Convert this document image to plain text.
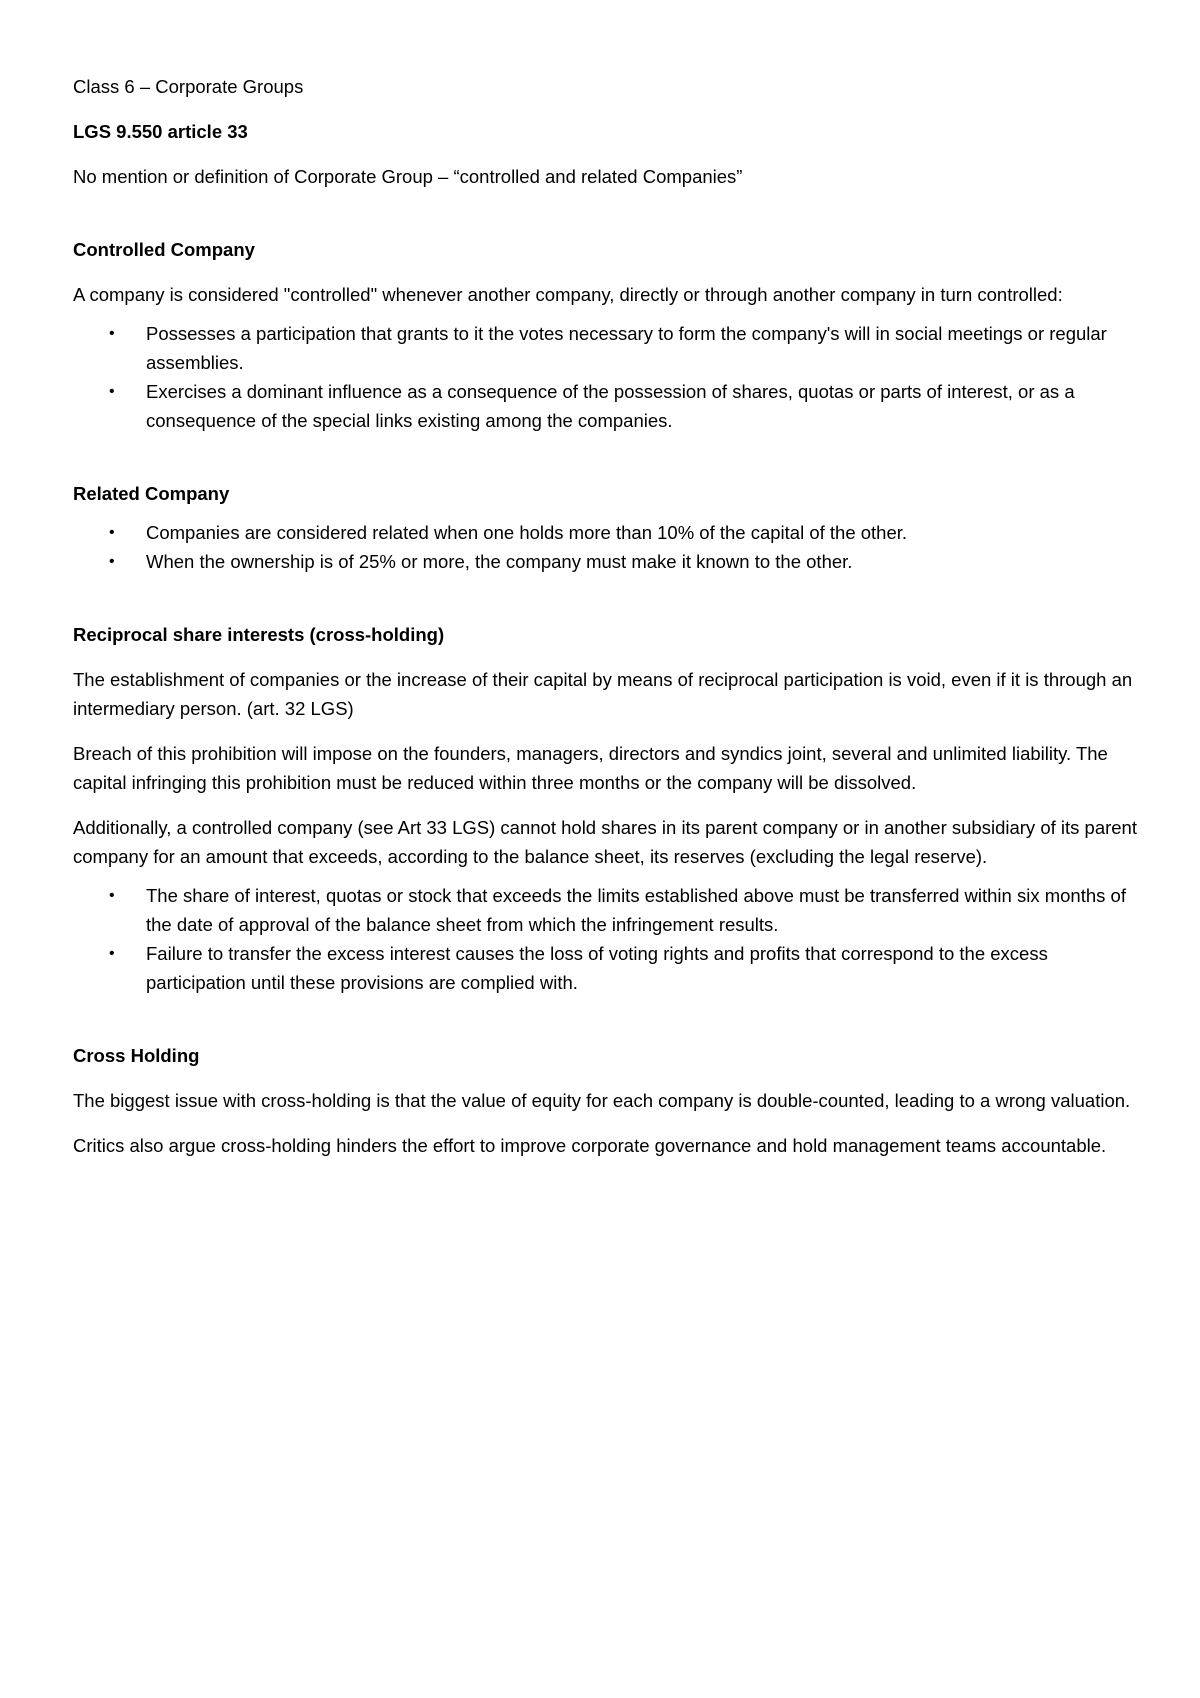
Class 6 – Corporate Groups

LGS 9.550 article 33

No mention or definition of Corporate Group – “controlled and related Companies”

Controlled Company

A company is considered "controlled" whenever another company, directly or through another company in turn controlled:

• Possesses a participation that grants to it the votes necessary to form the company's will in social meetings or regular assemblies.
• Exercises a dominant influence as a consequence of the possession of shares, quotas or parts of interest, or as a consequence of the special links existing among the companies.

Related Company

• Companies are considered related when one holds more than 10% of the capital of the other.
• When the ownership is of 25% or more, the company must make it known to the other.

Reciprocal share interests (cross-holding)

The establishment of companies or the increase of their capital by means of reciprocal participation is void, even if it is through an intermediary person. (art. 32 LGS)

Breach of this prohibition will impose on the founders, managers, directors and syndics joint, several and unlimited liability. The capital infringing this prohibition must be reduced within three months or the company will be dissolved.

Additionally, a controlled company (see Art 33 LGS) cannot hold shares in its parent company or in another subsidiary of its parent company for an amount that exceeds, according to the balance sheet, its reserves (excluding the legal reserve).

• The share of interest, quotas or stock that exceeds the limits established above must be transferred within six months of the date of approval of the balance sheet from which the infringement results.
• Failure to transfer the excess interest causes the loss of voting rights and profits that correspond to the excess participation until these provisions are complied with.

Cross Holding

The biggest issue with cross-holding is that the value of equity for each company is double-counted, leading to a wrong valuation.

Critics also argue cross-holding hinders the effort to improve corporate governance and hold management teams accountable.
